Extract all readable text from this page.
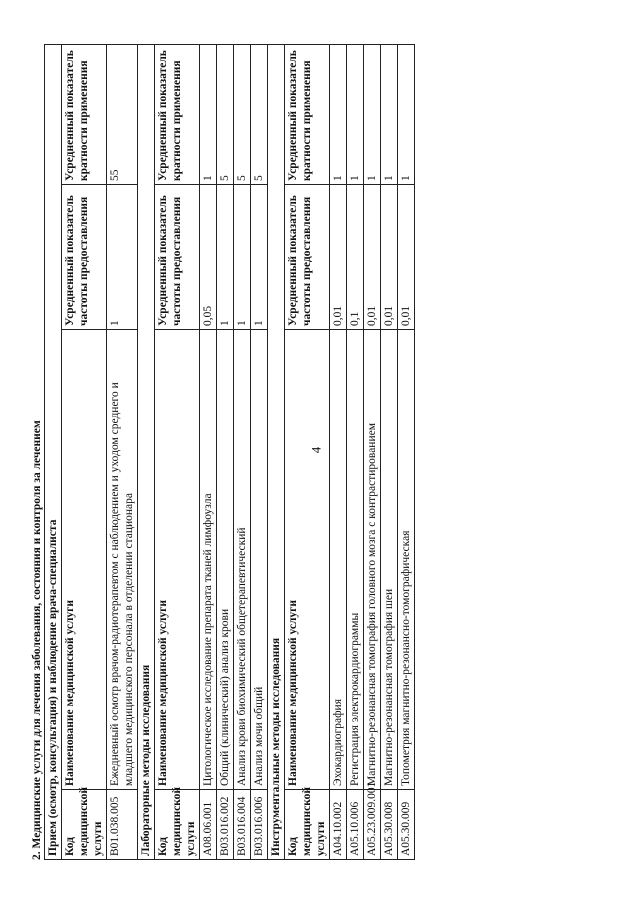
4
2. Медицинские услуги для лечения заболевания, состояния и контроля за лечением Прием (осмотр, консультация) и наблюдение врача-специалиста			
Код медицинской услуги	Наименование медицинской услуги	Усредненный показатель частоты предоставления	Усредненный показатель кратности применения
B01.038.005	Ежедневный осмотр врачом-радиотерапевтом с наблюдением и уходом среднего и младшего медицинского персонала в отделении стационара	1	55
Лабораторные методы исследования			
Код медицинской услуги	Наименование медицинской услуги	Усредненный показатель частоты предоставления	Усредненный показатель кратности применения
A08.06.001	Цитологическое исследование препарата тканей лимфоузла	0,05	1
B03.016.002	Общий (клинический) анализ крови	1	5
B03.016.004	Анализ крови биохимический общетерапевтический	1	5
B03.016.006	Анализ мочи общий	1	5
Инструментальные методы исследования			
Код медицинской услуги	Наименование медицинской услуги	Усредненный показатель частоты предоставления	Усредненный показатель кратности применения
A04.10.002	Эхокардиография	0,01	1
A05.10.006	Регистрация электрокардиограммы	0,1	1
A05.23.009.001	Магнитно-резонансная томография головного мозга с контрастированием	0,01	1
A05.30.008	Магнитно-резонансная томография шеи	0,01	1
A05.30.009	Топометрия магнитно-резонансно-томографическая	0,01	1
